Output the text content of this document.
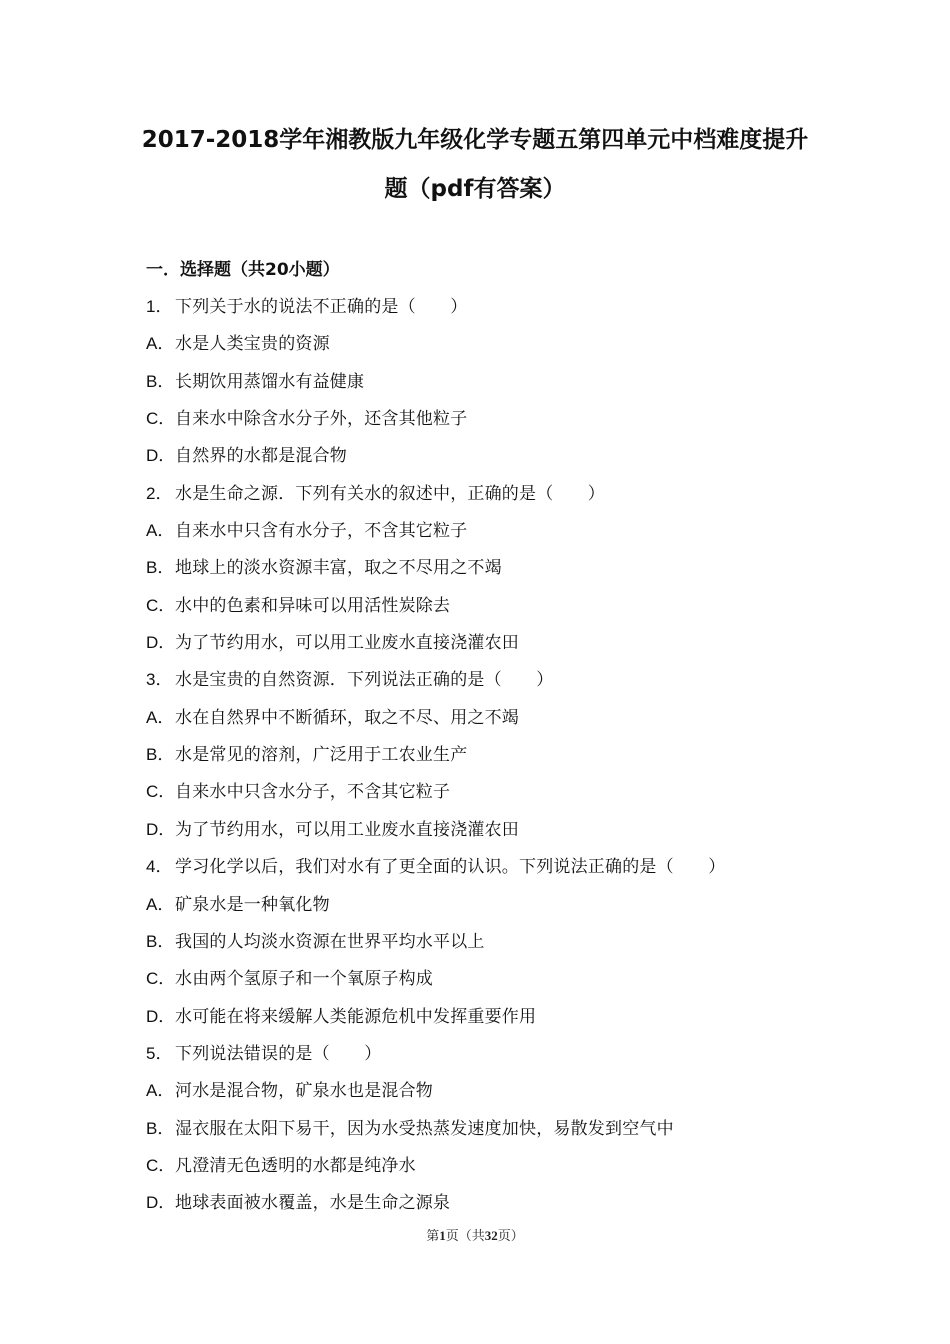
2017-2018学年湘教版九年级化学专题五第四单元中档难度提升
题（pdf有答案）
一．选择题（共20小题）
1． 下列关于水的说法不正确的是（　　）
A．水是人类宝贵的资源
B．长期饮用蒸馏水有益健康
C．自来水中除含水分子外，还含其他粒子
D．自然界的水都是混合物
2． 水是生命之源．下列有关水的叙述中，正确的是（　　）
A．自来水中只含有水分子，不含其它粒子
B．地球上的淡水资源丰富，取之不尽用之不竭
C．水中的色素和异味可以用活性炭除去
D．为了节约用水，可以用工业废水直接浇灌农田
3． 水是宝贵的自然资源．下列说法正确的是（　　）
A．水在自然界中不断循环，取之不尽、用之不竭
B．水是常见的溶剂，广泛用于工农业生产
C．自来水中只含水分子，不含其它粒子
D．为了节约用水，可以用工业废水直接浇灌农田
4． 学习化学以后，我们对水有了更全面的认识。下列说法正确的是（　　）
A．矿泉水是一种氧化物
B．我国的人均淡水资源在世界平均水平以上
C．水由两个氢原子和一个氧原子构成
D．水可能在将来缓解人类能源危机中发挥重要作用
5． 下列说法错误的是（　　）
A．河水是混合物，矿泉水也是混合物
B．湿衣服在太阳下易干，因为水受热蒸发速度加快，易散发到空气中
C．凡澄清无色透明的水都是纯净水
D．地球表面被水覆盖，水是生命之源泉
第1页（共32页）
